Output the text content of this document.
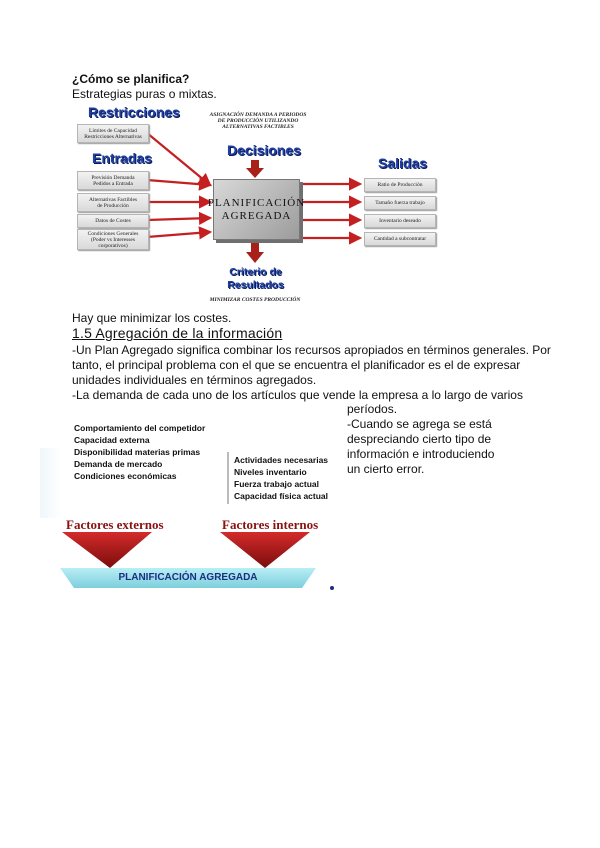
¿Cómo se planifica?
Estrategias puras o mixtas.
ASIGNACIÓN DEMANDA A PERIODOS
DE PRODUCCIÓN UTILIZANDO
ALTERNATIVAS FACTIBLES
Restricciones
Límites de Capacidad
Restricciones Alternativas
Entradas
Previsión Demanda
Pedidos a Entrada
Alternativas Factibles
de Producción
Datos de Costes
Condiciones Generales
(Poder vs Interesses
corporativos)
Decisiones
PLANIFICACIÓN
AGREGADA
Salidas
Ratio de Producción
Tamaño fuerza trabajo
Inventario deseado
Cantidad a subcontratar
Criterio de
Resultados
MINIMIZAR COSTES PRODUCCIÓN
Hay que minimizar los costes.
1.5 Agregación de la información
-Un Plan Agregado significa combinar los recursos apropiados en términos generales. Por
tanto, el principal problema con el que se encuentra el planificador es el de expresar
unidades individuales en términos agregados.
-La demanda de cada uno de los artículos que vende la empresa a lo largo de varios
períodos.
-Cuando se agrega se está
despreciando cierto tipo de
información e introduciendo
un cierto error.
Comportamiento del competidor
Capacidad externa
Disponibilidad materias primas
Demanda de mercado
Condiciones económicas
Actividades necesarias
Niveles inventario
Fuerza trabajo actual
Capacidad física actual
Factores externos	Factores internos
PLANIFICACIÓN AGREGADA
